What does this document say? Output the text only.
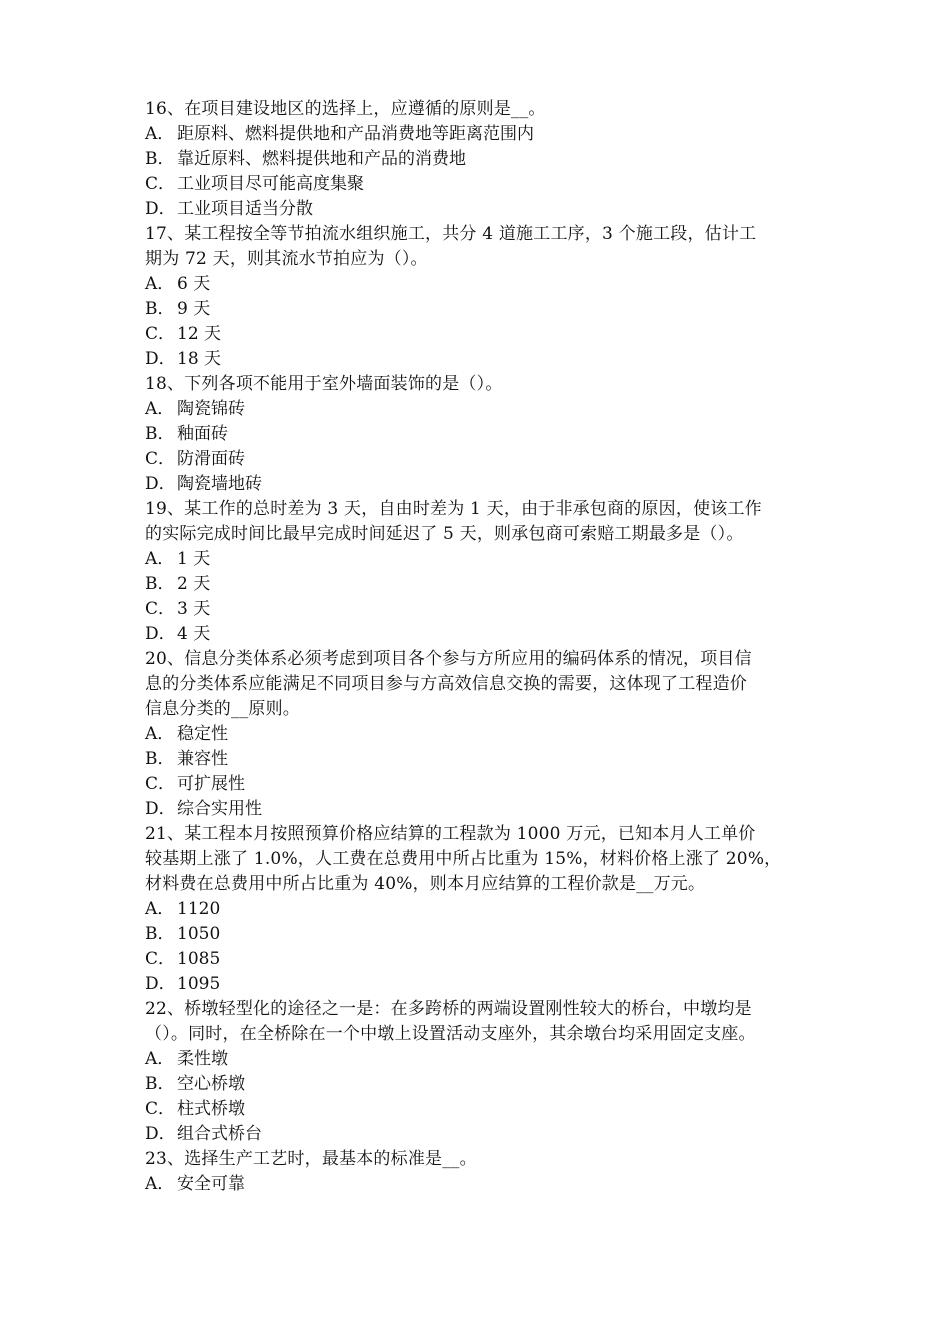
16、在项目建设地区的选择上，应遵循的原则是__。
A． 距原料、燃料提供地和产品消费地等距离范围内
B． 靠近原料、燃料提供地和产品的消费地
C． 工业项目尽可能高度集聚
D．工业项目适当分散
17、某工程按全等节拍流水组织施工，共分 4 道施工工序，3 个施工段，估计工
期为 72 天，则其流水节拍应为（）。
A． 6 天
B． 9 天
C． 12 天
D．18 天
18、下列各项不能用于室外墙面装饰的是（）。
A． 陶瓷锦砖
B． 釉面砖
C． 防滑面砖
D．陶瓷墙地砖
19、某工作的总时差为 3 天，自由时差为 1 天，由于非承包商的原因，使该工作
的实际完成时间比最早完成时间延迟了 5 天，则承包商可索赔工期最多是（）。
A． 1 天
B． 2 天
C． 3 天
D．4 天
20、信息分类体系必须考虑到项目各个参与方所应用的编码体系的情况，项目信
息的分类体系应能满足不同项目参与方高效信息交换的需要，这体现了工程造价
信息分类的__原则。
A． 稳定性
B． 兼容性
C． 可扩展性
D．综合实用性
21、某工程本月按照预算价格应结算的工程款为 1000 万元，已知本月人工单价
较基期上涨了 1.0%，人工费在总费用中所占比重为 15%，材料价格上涨了 20%，
材料费在总费用中所占比重为 40%，则本月应结算的工程价款是__万元。
A． 1120
B． 1050
C． 1085
D．1095
22、桥墩轻型化的途径之一是：在多跨桥的两端设置刚性较大的桥台，中墩均是
（）。同时，在全桥除在一个中墩上设置活动支座外，其余墩台均采用固定支座。
A． 柔性墩
B． 空心桥墩
C． 柱式桥墩
D．组合式桥台
23、选择生产工艺时，最基本的标准是__。
A． 安全可靠
